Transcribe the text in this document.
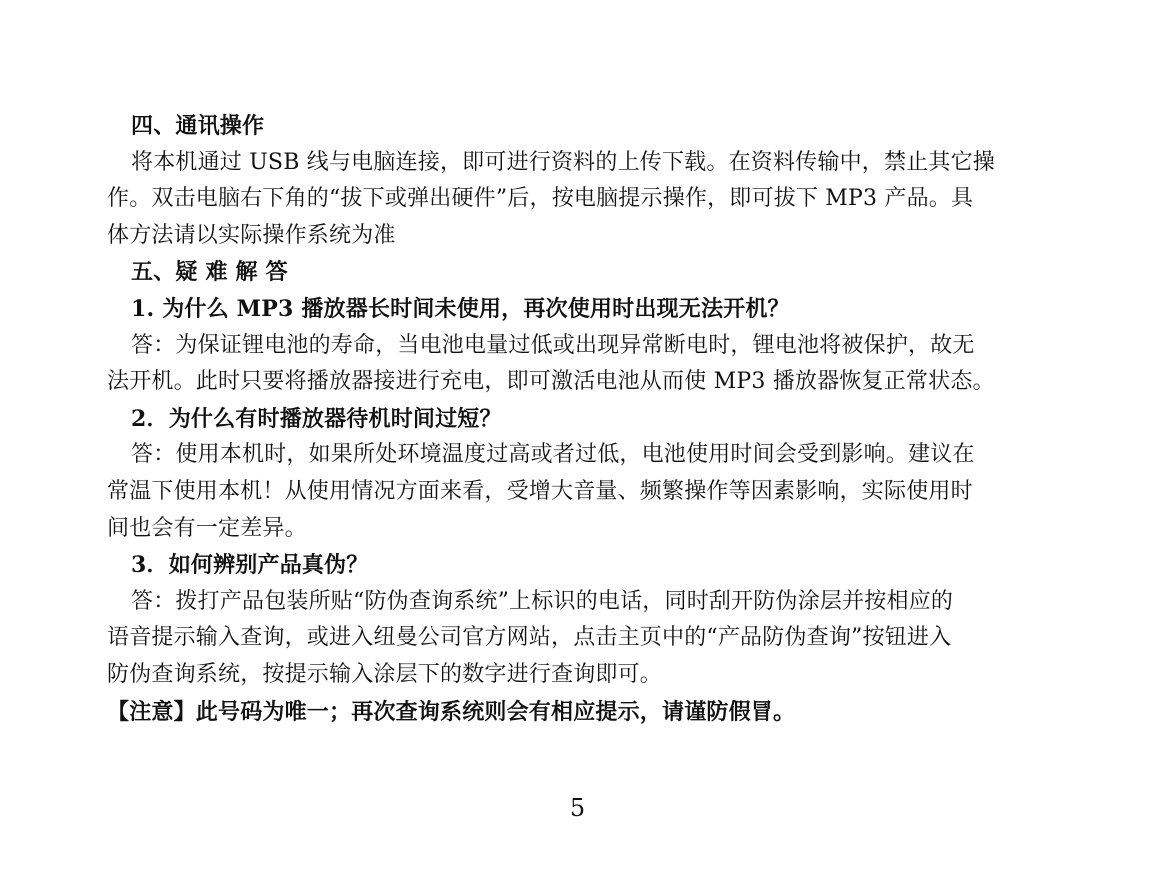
四、通讯操作
将本机通过 USB 线与电脑连接，即可进行资料的上传下载。在资料传输中，禁止其它操
作。双击电脑右下角的“拔下或弹出硬件”后，按电脑提示操作，即可拔下 MP3 产品。具
体方法请以实际操作系统为准
五、疑 难 解 答
1. 为什么 MP3 播放器长时间未使用，再次使用时出现无法开机？
答：为保证锂电池的寿命，当电池电量过低或出现异常断电时，锂电池将被保护，故无
法开机。此时只要将播放器接进行充电，即可激活电池从而使 MP3 播放器恢复正常状态。
2．为什么有时播放器待机时间过短？
答：使用本机时，如果所处环境温度过高或者过低，电池使用时间会受到影响。建议在
常温下使用本机！从使用情况方面来看，受增大音量、频繁操作等因素影响，实际使用时
间也会有一定差异。
3．如何辨别产品真伪？
答：拨打产品包装所贴“防伪查询系统”上标识的电话，同时刮开防伪涂层并按相应的
语音提示输入查询，或进入纽曼公司官方网站，点击主页中的“产品防伪查询”按钮进入
防伪查询系统，按提示输入涂层下的数字进行查询即可。
【注意】此号码为唯一；再次查询系统则会有相应提示，请谨防假冒。
5
